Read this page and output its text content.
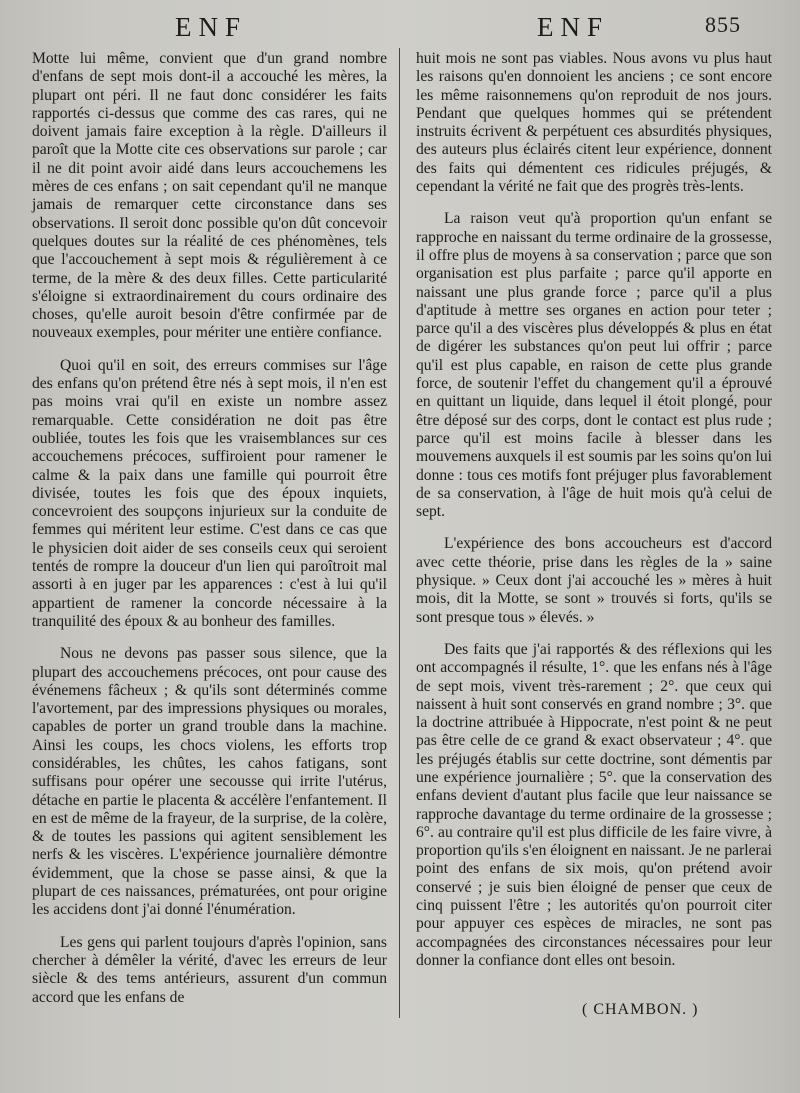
ENF	ENF	855

Motte lui même, convient que d'un grand nombre d'enfans de sept mois dont-il a accouché les mères, la plupart ont péri. Il ne faut donc considérer les faits rapportés ci-dessus que comme des cas rares, qui ne doivent jamais faire exception à la règle. D'ailleurs il paroît que la Motte cite ces observations sur parole ; car il ne dit point avoir aidé dans leurs accouchemens les mères de ces enfans ; on sait cependant qu'il ne manque jamais de remarquer cette circonstance dans ses observations. Il seroit donc possible qu'on dût concevoir quelques doutes sur la réalité de ces phénomènes, tels que l'accouchement à sept mois & régulièrement à ce terme, de la mère & des deux filles. Cette particularité s'éloigne si extraordinairement du cours ordinaire des choses, qu'elle auroit besoin d'être confirmée par de nouveaux exemples, pour mériter une entière confiance.

Quoi qu'il en soit, des erreurs commises sur l'âge des enfans qu'on prétend être nés à sept mois, il n'en est pas moins vrai qu'il en existe un nombre assez remarquable. Cette considération ne doit pas être oubliée, toutes les fois que les vraisemblances sur ces accouchemens précoces, suffiroient pour ramener le calme & la paix dans une famille qui pourroit être divisée, toutes les fois que des époux inquiets, concevroient des soupçons injurieux sur la conduite de femmes qui méritent leur estime. C'est dans ce cas que le physicien doit aider de ses conseils ceux qui seroient tentés de rompre la douceur d'un lien qui paroîtroit mal assorti à en juger par les apparences : c'est à lui qu'il appartient de ramener la concorde nécessaire à la tranquilité des époux & au bonheur des familles.

Nous ne devons pas passer sous silence, que la plupart des accouchemens précoces, ont pour cause des événemens fâcheux ; & qu'ils sont déterminés comme l'avortement, par des impressions physiques ou morales, capables de porter un grand trouble dans la machine. Ainsi les coups, les chocs violens, les efforts trop considérables, les chûtes, les cahos fatigans, sont suffisans pour opérer une secousse qui irrite l'utérus, détache en partie le placenta & accélère l'enfantement. Il en est de même de la frayeur, de la surprise, de la colère, & de toutes les passions qui agitent sensiblement les nerfs & les viscères. L'expérience journalière démontre évidemment, que la chose se passe ainsi, & que la plupart de ces naissances, prématurées, ont pour origine les accidens dont j'ai donné l'énumération.

Les gens qui parlent toujours d'après l'opinion, sans chercher à démêler la vérité, d'avec les erreurs de leur siècle & des tems antérieurs, assurent d'un commun accord que les enfans de

huit mois ne sont pas viables. Nous avons vu plus haut les raisons qu'en donnoient les anciens ; ce sont encore les même raisonnemens qu'on reproduit de nos jours. Pendant que quelques hommes qui se prétendent instruits écrivent & perpétuent ces absurdités physiques, des auteurs plus éclairés citent leur expérience, donnent des faits qui démentent ces ridicules préjugés, & cependant la vérité ne fait que des progrès très-lents.

La raison veut qu'à proportion qu'un enfant se rapproche en naissant du terme ordinaire de la grossesse, il offre plus de moyens à sa conservation ; parce que son organisation est plus parfaite ; parce qu'il apporte en naissant une plus grande force ; parce qu'il a plus d'aptitude à mettre ses organes en action pour teter ; parce qu'il a des viscères plus développés & plus en état de digérer les substances qu'on peut lui offrir ; parce qu'il est plus capable, en raison de cette plus grande force, de soutenir l'effet du changement qu'il a éprouvé en quittant un liquide, dans lequel il étoit plongé, pour être déposé sur des corps, dont le contact est plus rude ; parce qu'il est moins facile à blesser dans les mouvemens auxquels il est soumis par les soins qu'on lui donne : tous ces motifs font préjuger plus favorablement de sa conservation, à l'âge de huit mois qu'à celui de sept.

L'expérience des bons accoucheurs est d'accord avec cette théorie, prise dans les règles de la » saine physique. » Ceux dont j'ai accouché les » mères à huit mois, dit la Motte, se sont » trouvés si forts, qu'ils se sont presque tous » élevés. »

Des faits que j'ai rapportés & des réflexions qui les ont accompagnés il résulte, 1°. que les enfans nés à l'âge de sept mois, vivent très-rarement ; 2°. que ceux qui naissent à huit sont conservés en grand nombre ; 3°. que la doctrine attribuée à Hippocrate, n'est point & ne peut pas être celle de ce grand & exact observateur ; 4°. que les préjugés établis sur cette doctrine, sont démentis par une expérience journalière ; 5°. que la conservation des enfans devient d'autant plus facile que leur naissance se rapproche davantage du terme ordinaire de la grossesse ; 6°. au contraire qu'il est plus difficile de les faire vivre, à proportion qu'ils s'en éloignent en naissant. Je ne parlerai point des enfans de six mois, qu'on prétend avoir conservé ; je suis bien éloigné de penser que ceux de cinq puissent l'être ; les autorités qu'on pourroit citer pour appuyer ces espèces de miracles, ne sont pas accompagnées des circonstances nécessaires pour leur donner la confiance dont elles ont besoin.

( CHAMBON. )
